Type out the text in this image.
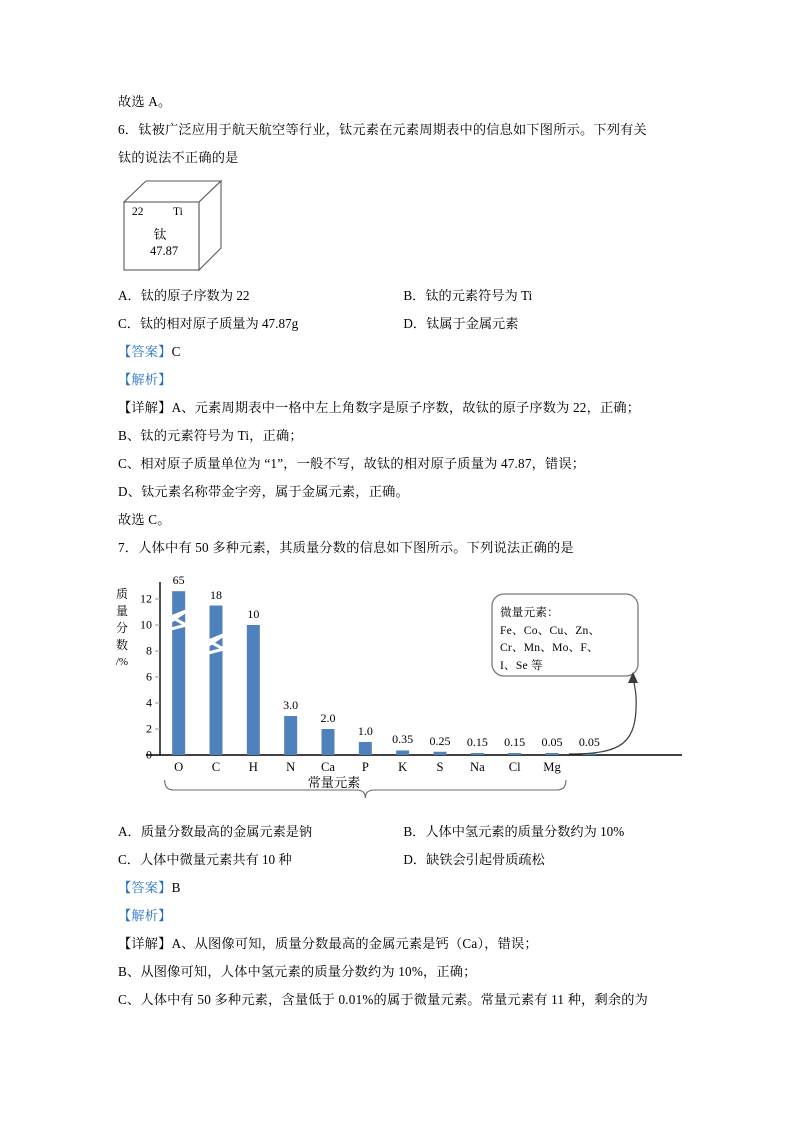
故选 A。
6．钛被广泛应用于航天航空等行业，钛元素在元素周期表中的信息如下图所示。下列有关
钛的说法不正确的是
22	Ti
钛
47.87
A．钛的原子序数为 22	B．钛的元素符号为 Ti
C．钛的相对原子质量为 47.87g	D．钛属于金属元素
【答案】C
【解析】
【详解】A、元素周期表中一格中左上角数字是原子序数，故钛的原子序数为 22，正确；
B、钛的元素符号为 Ti，正确；
C、相对原子质量单位为 “1”，一般不写，故钛的相对原子质量为 47.87，错误；
D、钛元素名称带金字旁，属于金属元素，正确。
故选 C。
7．人体中有 50 多种元素，其质量分数的信息如下图所示。下列说法正确的是
质
量
分
数
/%
0
2
4
6
8
10
12
65
O
18
C
10
H
3.0
N
2.0
Ca
1.0
P
0.35
K
0.25
S
0.15
Na
0.15
Cl
0.05
Mg
0.05
微量元素：
Fe、Co、Cu、Zn、
Cr、Mn、Mo、F、
I、Se 等
常量元素
A．质量分数最高的金属元素是钠	B．人体中氢元素的质量分数约为 10%
C．人体中微量元素共有 10 种	D．缺铁会引起骨质疏松
【答案】B
【解析】
【详解】A、从图像可知，质量分数最高的金属元素是钙（Ca），错误；
B、从图像可知，人体中氢元素的质量分数约为 10%，正确；
C、人体中有 50 多种元素，含量低于 0.01%的属于微量元素。常量元素有 11 种，剩余的为
